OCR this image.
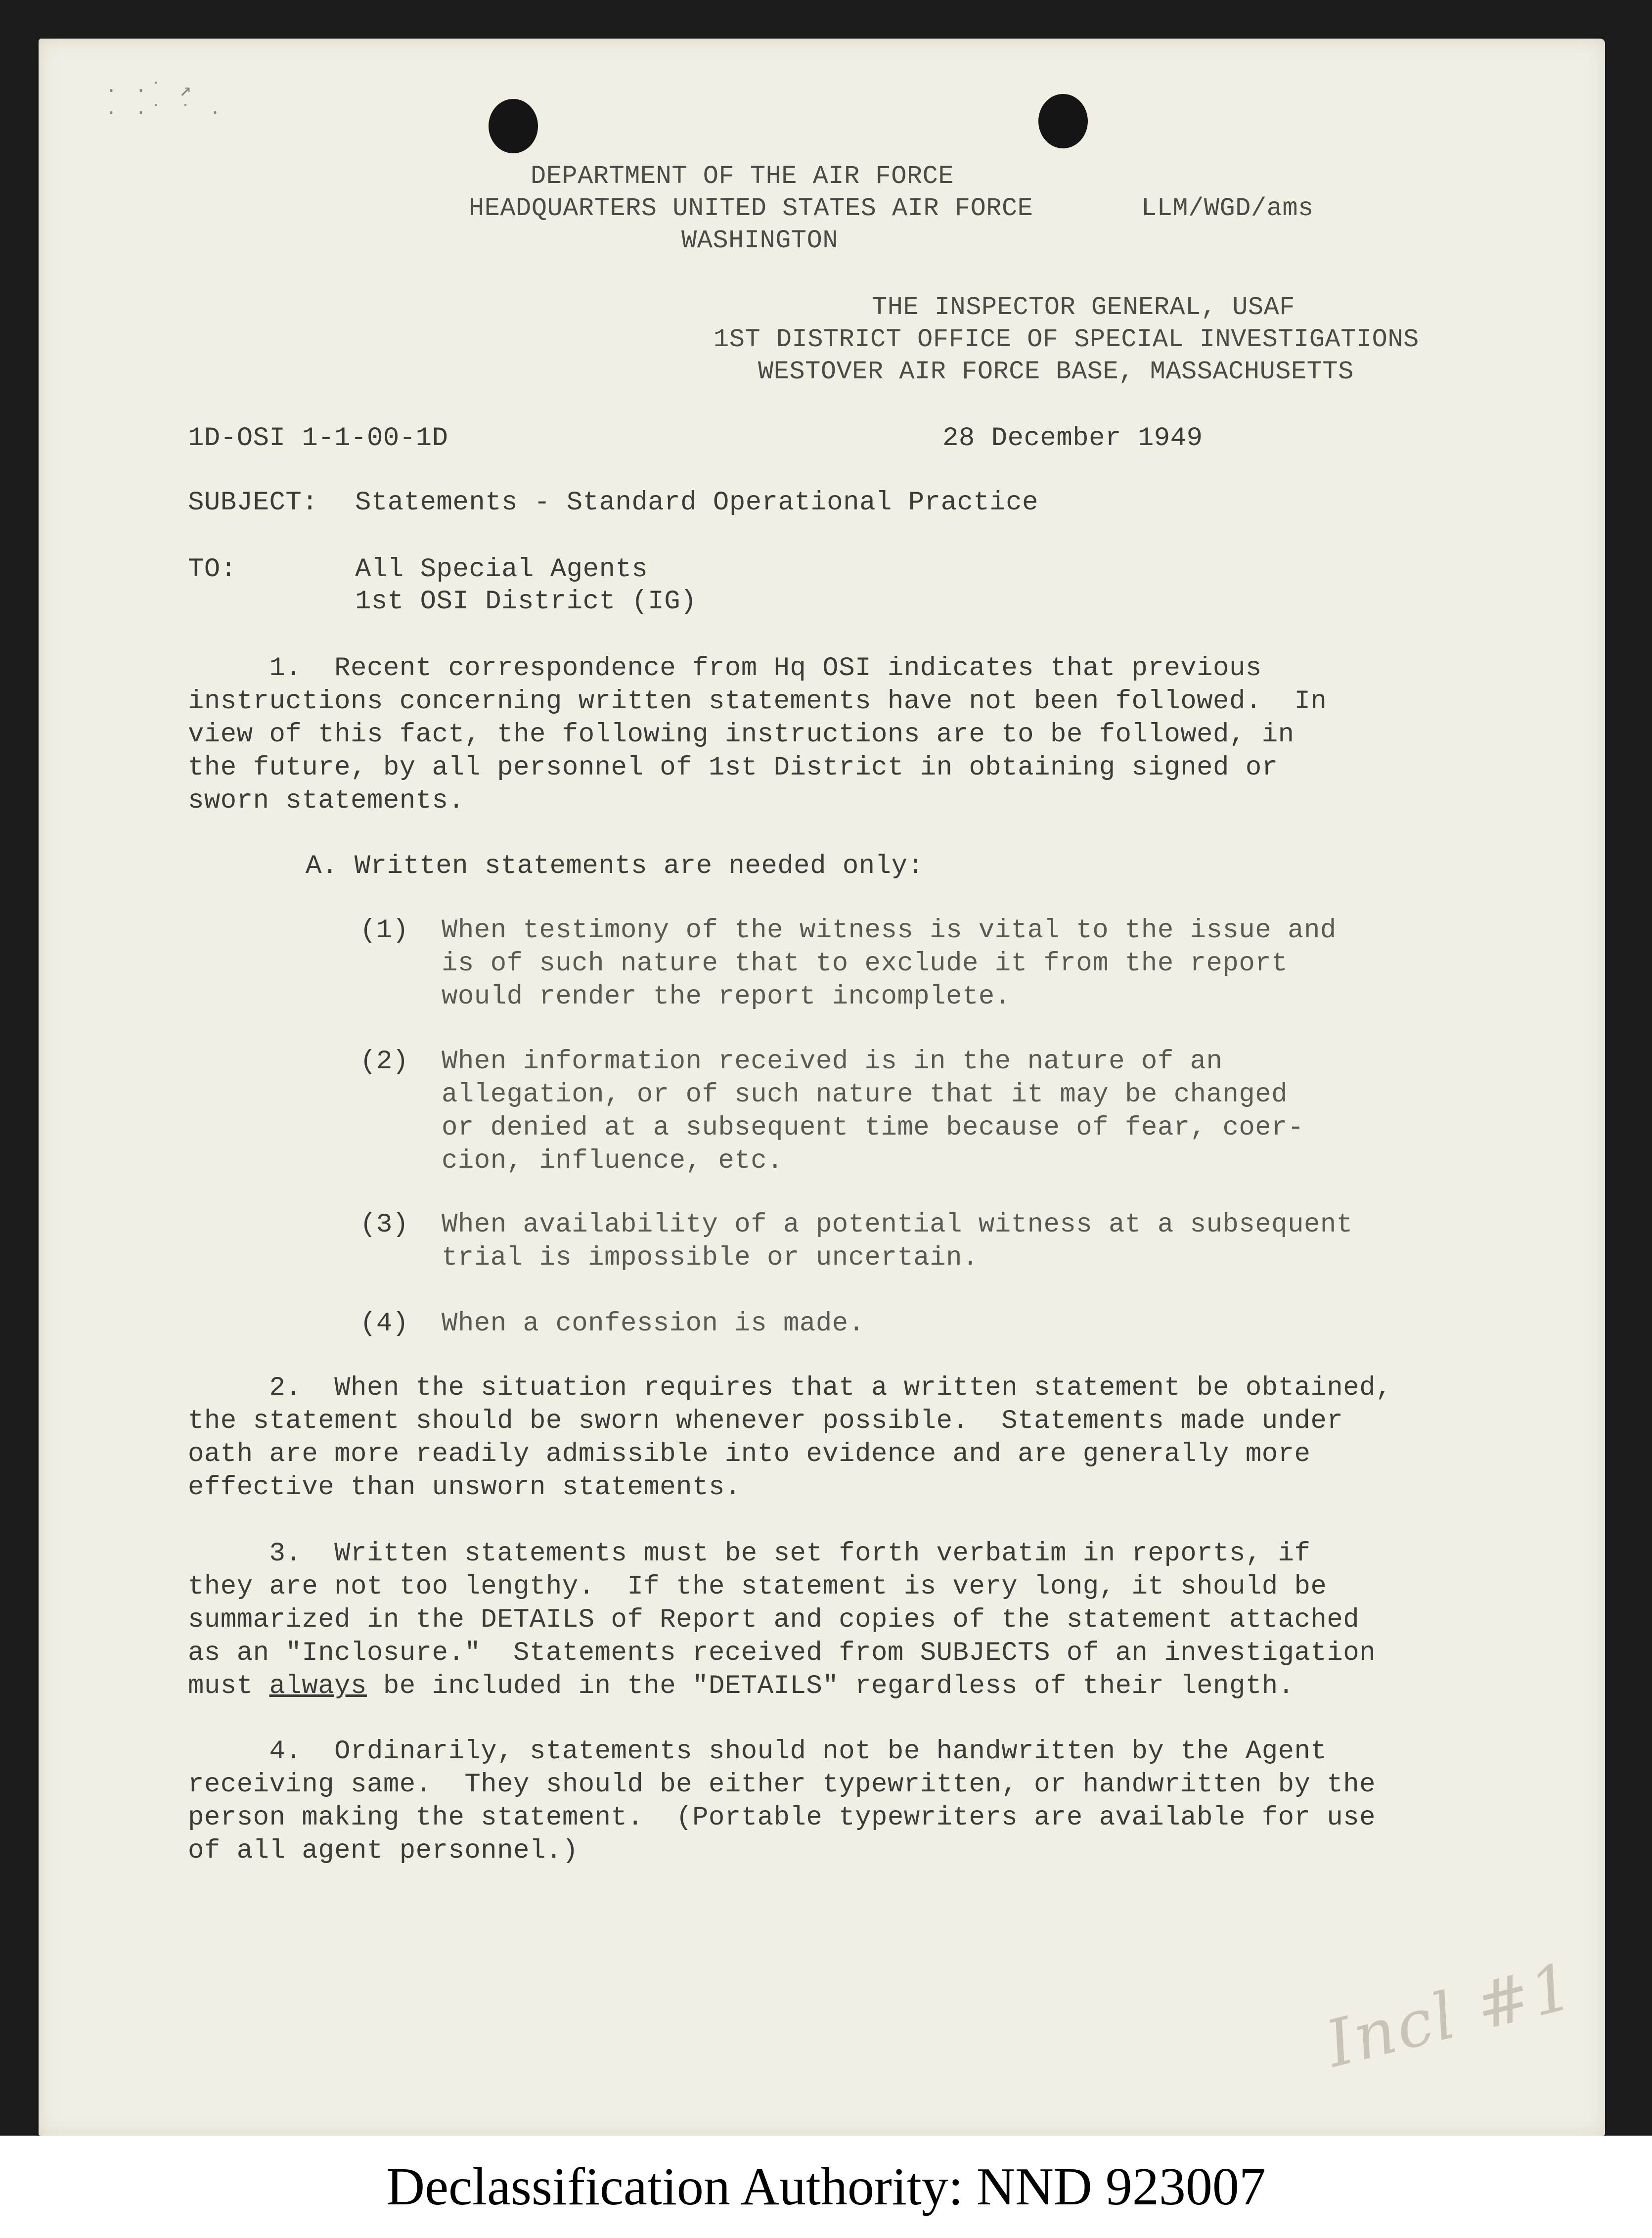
· ·˙ ↗
· ·˙ ˙ ·
DEPARTMENT OF THE AIR FORCE
HEADQUARTERS UNITED STATES AIR FORCE
WASHINGTON
LLM/WGD/ams
THE INSPECTOR GENERAL, USAF
1ST DISTRICT OFFICE OF SPECIAL INVESTIGATIONS
WESTOVER AIR FORCE BASE, MASSACHUSETTS
1D-OSI 1-1-00-1D	28 December 1949
SUBJECT: Statements - Standard Operational Practice
TO:	All Special Agents
1st OSI District (IG)
1.  Recent correspondence from Hq OSI indicates that previous
instructions concerning written statements have not been followed.  In
view of this fact, the following instructions are to be followed, in
the future, by all personnel of 1st District in obtaining signed or
sworn statements.
A. Written statements are needed only:
(1) When testimony of the witness is vital to the issue and
is of such nature that to exclude it from the report
would render the report incomplete.
(2) When information received is in the nature of an
allegation, or of such nature that it may be changed
or denied at a subsequent time because of fear, coer-
cion, influence, etc.
(3) When availability of a potential witness at a subsequent
trial is impossible or uncertain.
(4) When a confession is made.
2.  When the situation requires that a written statement be obtained,
the statement should be sworn whenever possible.  Statements made under
oath are more readily admissible into evidence and are generally more
effective than unsworn statements.
3.  Written statements must be set forth verbatim in reports, if
they are not too lengthy.  If the statement is very long, it should be
summarized in the DETAILS of Report and copies of the statement attached
as an "Inclosure."  Statements received from SUBJECTS of an investigation
must always be included in the "DETAILS" regardless of their length.
4.  Ordinarily, statements should not be handwritten by the Agent
receiving same.  They should be either typewritten, or handwritten by the
person making the statement.  (Portable typewriters are available for use
of all agent personnel.)
Incl #1
Declassification Authority: NND 923007
